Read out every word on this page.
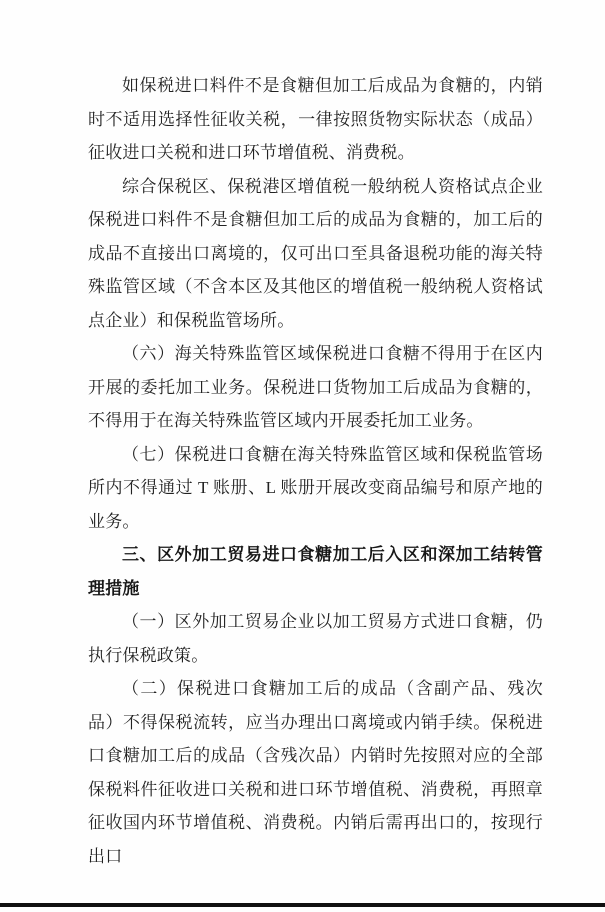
如保税进口料件不是食糖但加工后成品为食糖的，内销时不适用选择性征收关税，一律按照货物实际状态（成品）征收进口关税和进口环节增值税、消费税。

综合保税区、保税港区增值税一般纳税人资格试点企业保税进口料件不是食糖但加工后的成品为食糖的，加工后的成品不直接出口离境的，仅可出口至具备退税功能的海关特殊监管区域（不含本区及其他区的增值税一般纳税人资格试点企业）和保税监管场所。

（六）海关特殊监管区域保税进口食糖不得用于在区内开展的委托加工业务。保税进口货物加工后成品为食糖的，不得用于在海关特殊监管区域内开展委托加工业务。

（七）保税进口食糖在海关特殊监管区域和保税监管场所内不得通过 T 账册、L 账册开展改变商品编号和原产地的业务。

三、区外加工贸易进口食糖加工后入区和深加工结转管理措施

（一）区外加工贸易企业以加工贸易方式进口食糖，仍执行保税政策。

（二）保税进口食糖加工后的成品（含副产品、残次品）不得保税流转，应当办理出口离境或内销手续。保税进口食糖加工后的成品（含残次品）内销时先按照对应的全部保税料件征收进口关税和进口环节增值税、消费税，再照章征收国内环节增值税、消费税。内销后需再出口的，按现行出口
